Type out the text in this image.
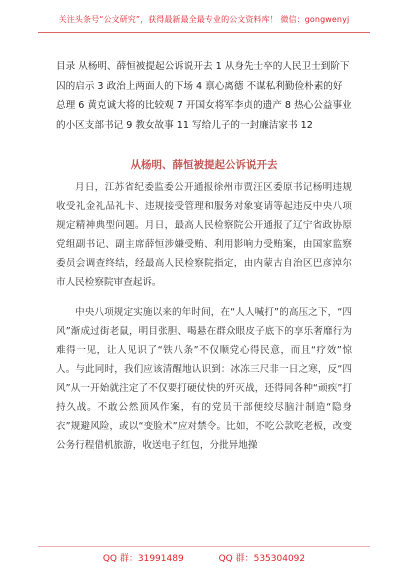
关注头条号“公文研究”，获得最新最全最专业的公文资料库！ 微信：gongwenyj
目录 从杨明、薛恒被提起公诉说开去 1 从身先士卒的人民卫士到阶下囚的启示 3 政治上两面人的下场 4 禀心离德 不谋私利勤俭朴素的好总理 6 黄克诚大将的比较观 7 开国女将军李贞的遗产 8 热心公益事业的小区支部书记 9 教女故事 11 写给儿子的一封廉洁家书 12
从杨明、薛恒被提起公诉说开去

月日，江苏省纪委监委公开通报徐州市贾汪区委原书记杨明违规收受礼金礼品礼卡、违规接受管理和服务对象宴请等起违反中央八项规定精神典型问题。月日，最高人民检察院公开通报了辽宁省政协原党组副书记、副主席薛恒涉嫌受贿、利用影响力受贿案，由国家监察委员会调查终结，经最高人民检察院指定，由内蒙古自治区巴彦淖尔市人民检察院审查起诉。

中央八项规定实施以来的年时间，在“人人喊打”的高压之下，“四风”渐成过街老鼠，明目张胆、喝悬在群众眼皮子底下的享乐奢靡行为难得一见，让人见识了“铁八条”不仅顺党心得民意，而且“疗效”惊人。与此同时，我们应该清醒地认识到：冰冻三尺非一日之寒，反“四风”从一开始就注定了不仅要打硬仗快的歼灭战，还得同各种“顽疾”打持久战。不敢公然顶风作案，有的党员干部便绞尽脑汁制造“隐身衣”规避风险，或以“变脸术”应对禁令。比如，不吃公款吃老板，改变公务行程借机旅游，收送电子红包，分批异地操

QQ 群：31991489	QQ 群：535304092
